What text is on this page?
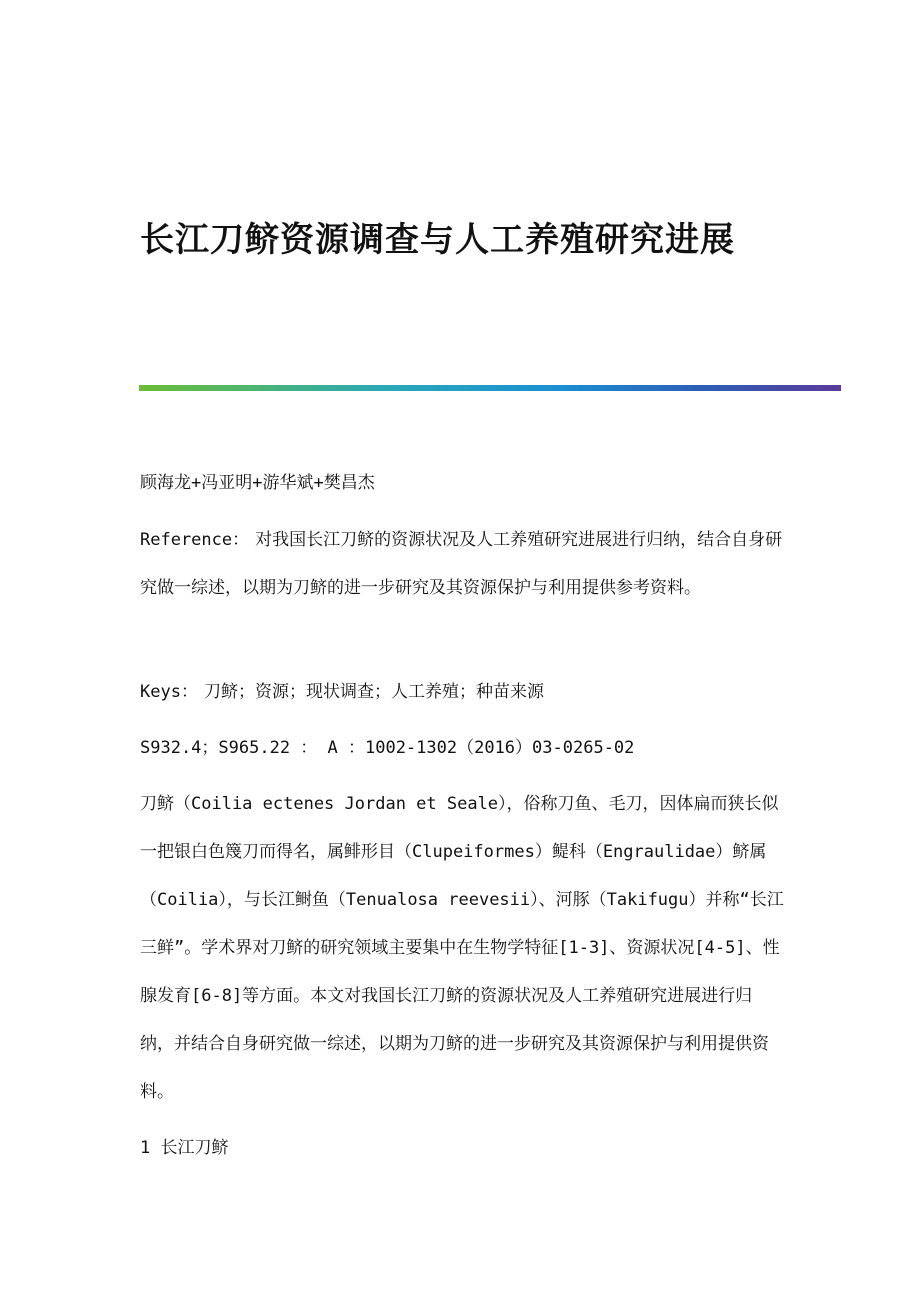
长江刀鲚资源调查与人工养殖研究进展

顾海龙+冯亚明+游华斌+樊昌杰

Reference： 对我国长江刀鲚的资源状况及人工养殖研究进展进行归纳，结合自身研究做一综述，以期为刀鲚的进一步研究及其资源保护与利用提供参考资料。

Keys： 刀鲚；资源；现状调查；人工养殖；种苗来源

S932.4；S965.22 ： A ：1002-1302（2016）03-0265-02

刀鲚（Coilia ectenes Jordan et Seale），俗称刀鱼、毛刀，因体扁而狭长似一把银白色篾刀而得名，属鲱形目（Clupeiformes）鳀科（Engraulidae）鲚属（Coilia），与长江鲥鱼（Tenualosa reevesii）、河豚（Takifugu）并称“长江三鲜”。学术界对刀鲚的研究领域主要集中在生物学特征[1-3]、资源状况[4-5]、性腺发育[6-8]等方面。本文对我国长江刀鲚的资源状况及人工养殖研究进展进行归纳，并结合自身研究做一综述，以期为刀鲚的进一步研究及其资源保护与利用提供资料。

1 长江刀鲚
